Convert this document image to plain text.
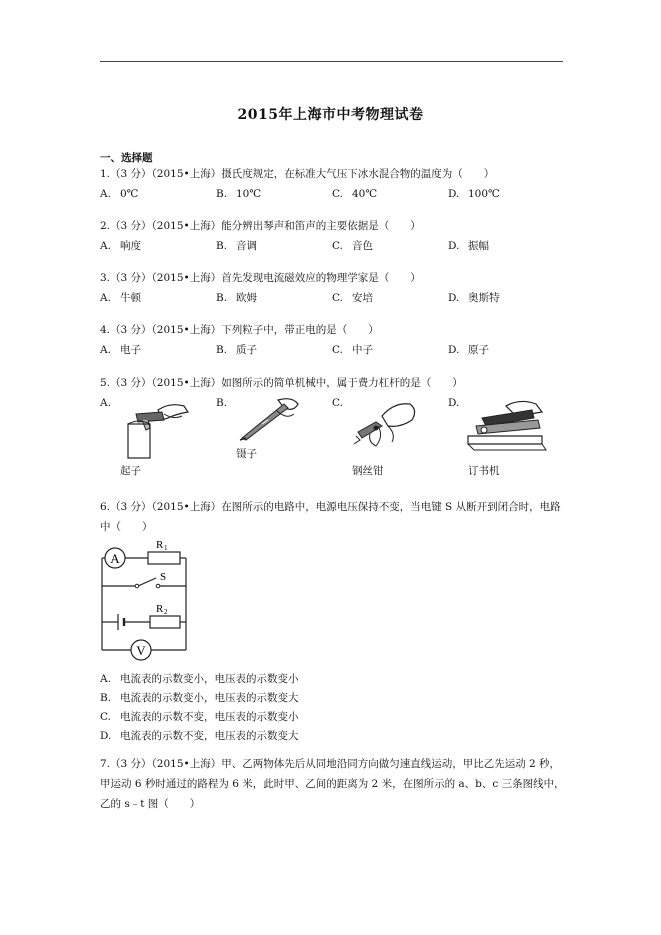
2015年上海市中考物理试卷
一、选择题
1.（3 分）（2015•上海）摄氏度规定，在标准大气压下冰水混合物的温度为（　　）
A. 0℃	B. 10℃	C. 40℃	D. 100℃
2.（3 分）（2015•上海）能分辨出琴声和笛声的主要依据是（　　）
A. 响度	B. 音调	C. 音色	D. 振幅
3.（3 分）（2015•上海）首先发现电流磁效应的物理学家是（　　）
A. 牛顿	B. 欧姆	C. 安培	D. 奥斯特
4.（3 分）（2015•上海）下列粒子中，带正电的是（　　）
A. 电子	B. 质子	C. 中子	D. 原子
5.（3 分）（2015•上海）如图所示的简单机械中，属于费力杠杆的是（　　）
A.	B.	C.	D.
起子
镊子
钢丝钳	订书机
6.（3 分）（2015•上海）在图所示的电路中，电源电压保持不变，当电键 S 从断开到闭合时，电路中（　　）
A
V
R 1
S
R 2
A. 电流表的示数变小，电压表的示数变小
B. 电流表的示数变小，电压表的示数变大
C. 电流表的示数不变，电压表的示数变小
D. 电流表的示数不变，电压表的示数变大
7.（3 分）（2015•上海）甲、乙两物体先后从同地沿同方向做匀速直线运动，甲比乙先运动 2 秒，甲运动 6 秒时通过的路程为 6 米，此时甲、乙间的距离为 2 米，在图所示的 a、b、c 三条图线中，乙的 s﹣t 图（　　）
